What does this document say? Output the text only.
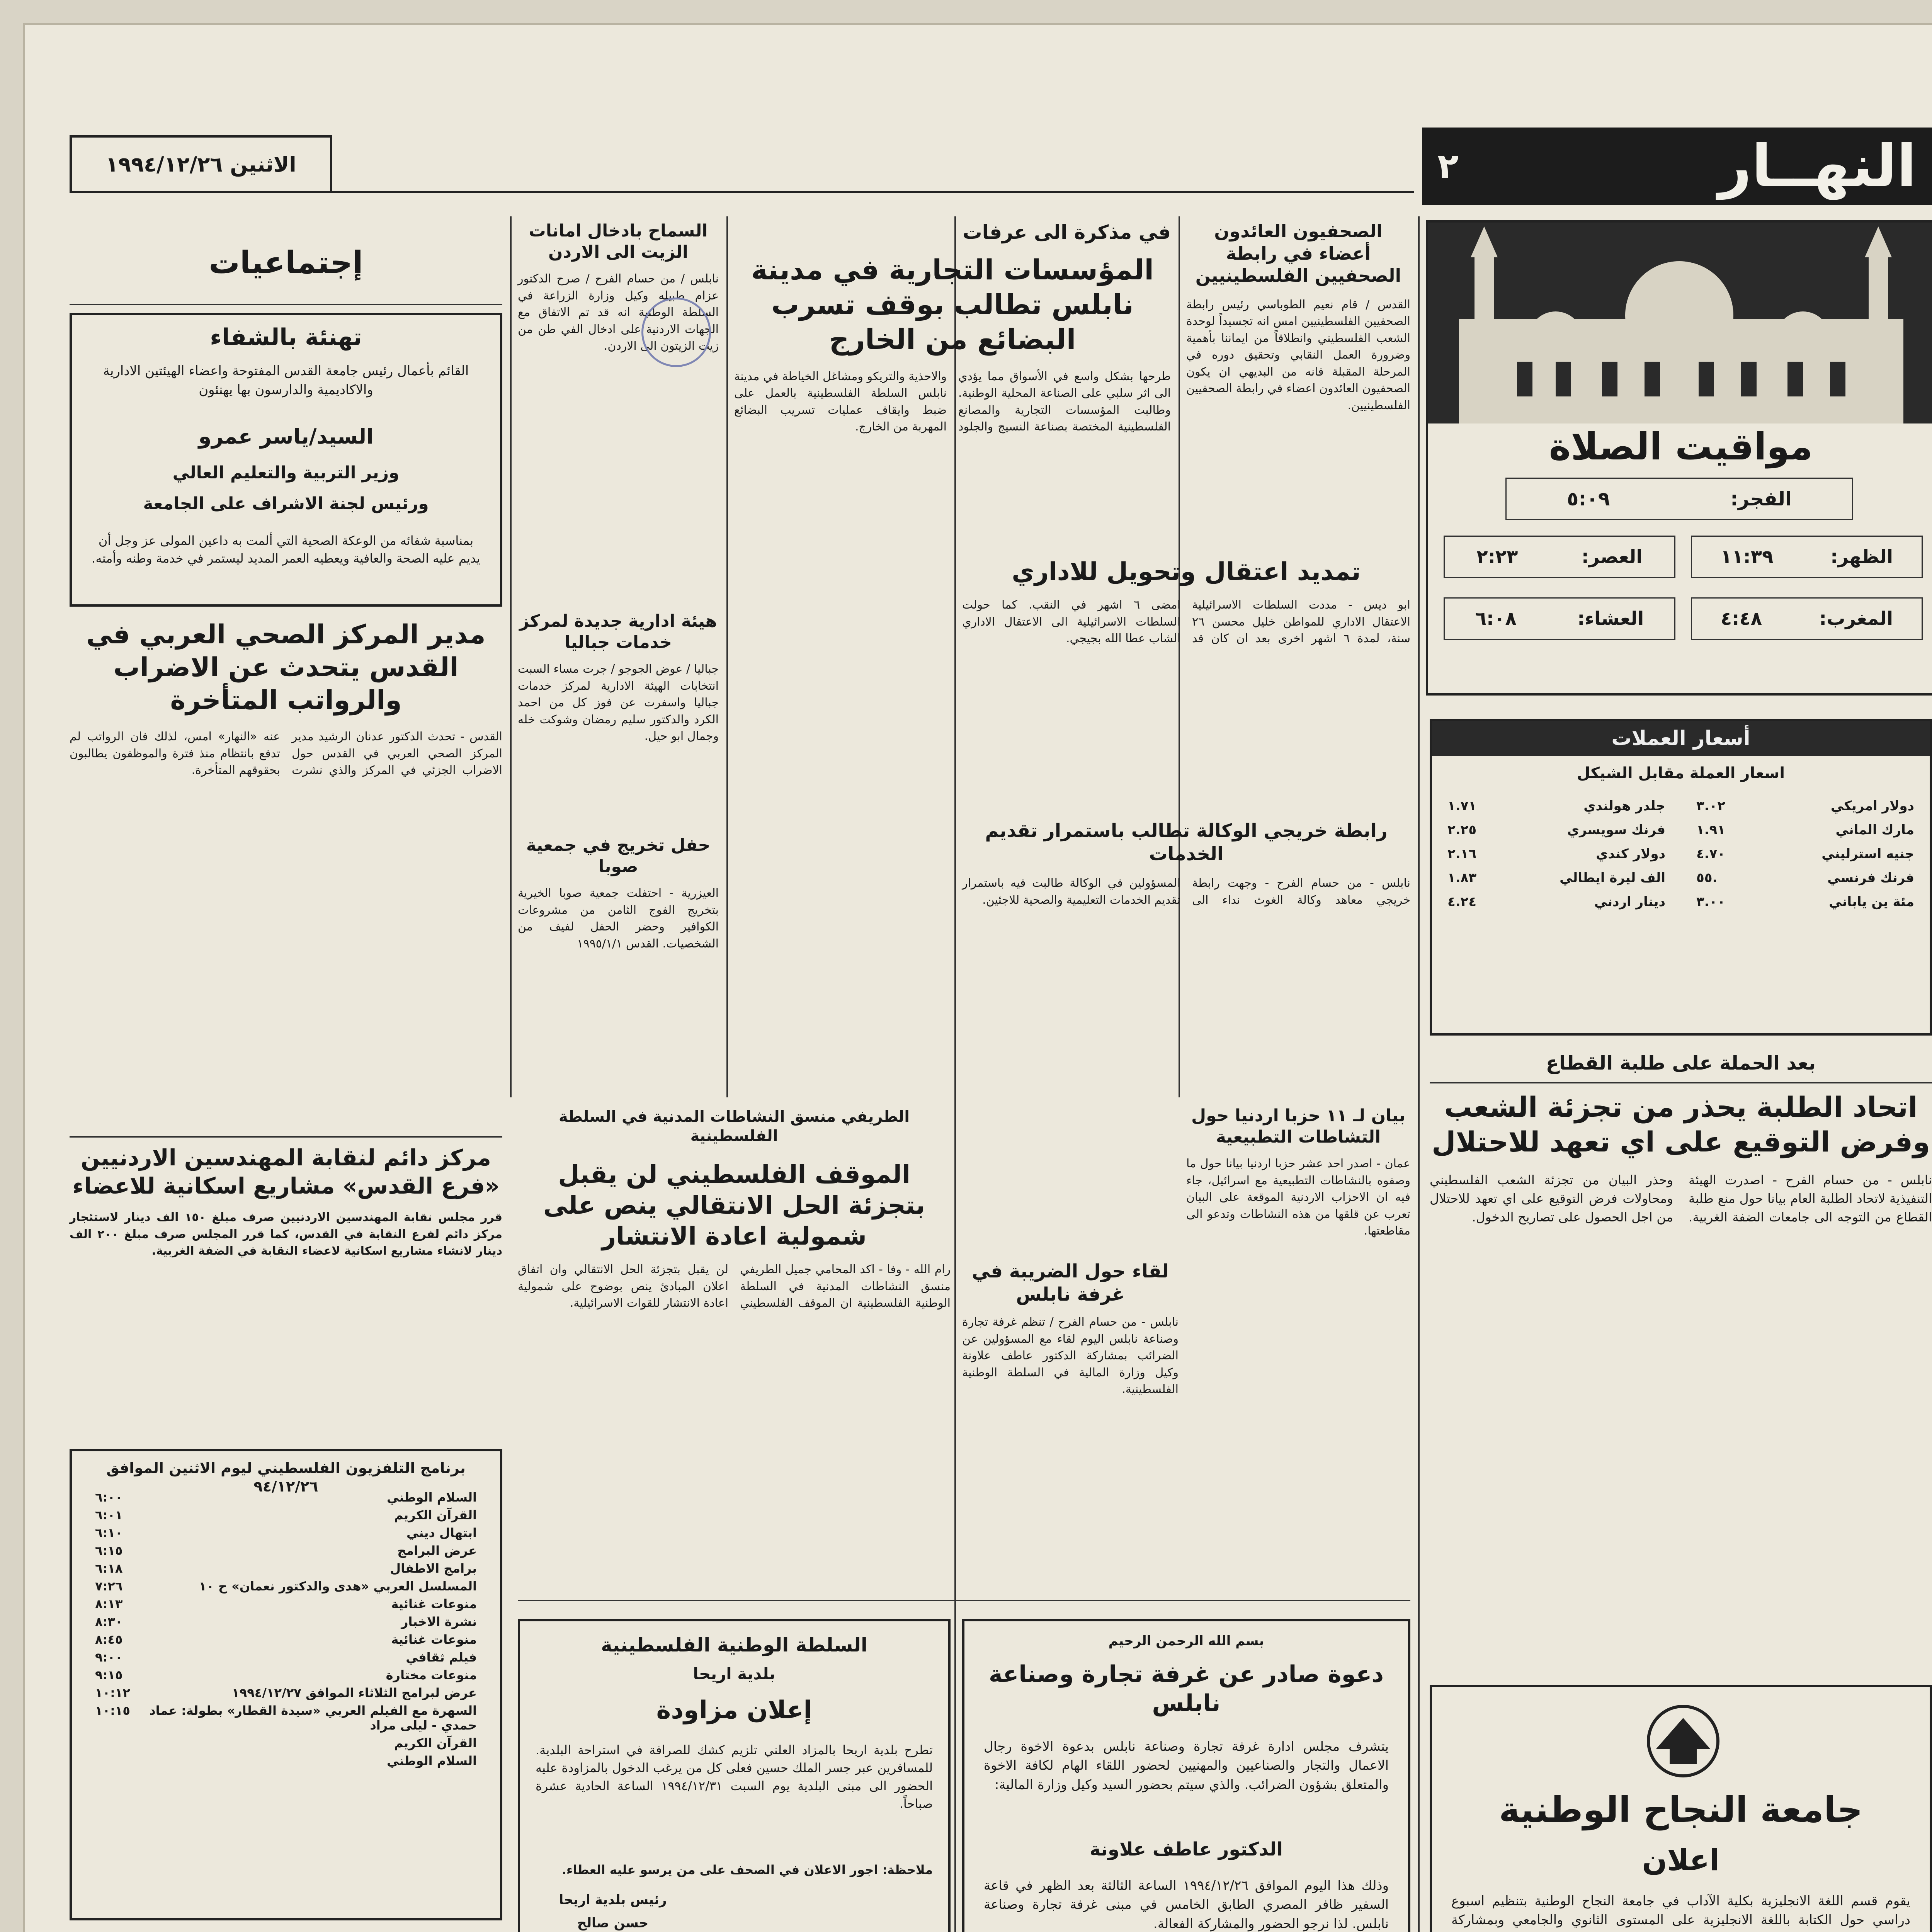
النهــار
٢
الاثنين ١٩٩٤/١٢/٢٦
مواقيت الصلاة
الفجر:
٥:٠٩
الظهر:
١١:٣٩
العصر:
٢:٢٣
المغرب:
٤:٤٨
العشاء:
٦:٠٨
أسعار العملات
اسعار العملة مقابل الشيكل
دولار امريكي
٣.٠٢
جلدر هولندي
١.٧١
مارك الماني
١.٩١
فرنك سويسري
٢.٢٥
جنيه استرليني
٤.٧٠
دولار كندي
٢.١٦
فرنك فرنسي
.٥٥
الف ليرة ايطالي
١.٨٣
مئة ين ياباني
٣.٠٠
دينار اردني
٤.٢٤
بعد الحملة على طلبة القطاع
اتحاد الطلبة يحذر من تجزئة الشعب وفرض التوقيع على اي تعهد للاحتلال

نابلس - من حسام الفرح - اصدرت الهيئة التنفيذية لاتحاد الطلبة العام بيانا حول منع طلبة القطاع من التوجه الى جامعات الضفة الغربية. وحذر البيان من تجزئة الشعب الفلسطيني ومحاولات فرض التوقيع على اي تعهد للاحتلال من اجل الحصول على تصاريح الدخول.

جامعة النجاح الوطنية
اعلان

يقوم قسم اللغة الانجليزية بكلية الآداب في جامعة النجاح الوطنية بتنظيم اسبوع دراسي حول الكتابة باللغة الانجليزية على المستوى الثانوي والجامعي وبمشاركة

الصحفيون العائدون أعضاء في رابطة الصحفيين الفلسطينيين

القدس / قام نعيم الطوباسي رئيس رابطة الصحفيين الفلسطينيين امس انه تجسيداً لوحدة الشعب الفلسطيني وانطلاقاً من ايماننا بأهمية وضرورة العمل النقابي وتحقيق دوره في المرحلة المقبلة فانه من البديهي ان يكون الصحفيون العائدون اعضاء في رابطة الصحفيين الفلسطينيين.

في مذكرة الى عرفات
المؤسسات التجارية في مدينة نابلس تطالب بوقف تسرب البضائع من الخارج

طرحها بشكل واسع في الأسواق مما يؤدي الى اثر سلبي على الصناعة المحلية الوطنية. وطالبت المؤسسات التجارية والمصانع الفلسطينية المختصة بصناعة النسيج والجلود والاحذية والتريكو ومشاغل الخياطة في مدينة نابلس السلطة الفلسطينية بالعمل على ضبط وايقاف عمليات تسريب البضائع المهربة من الخارج.

السماح بادخال امانات الزيت الى الاردن

نابلس / من حسام الفرح / صرح الدكتور عزام طبيله وكيل وزارة الزراعة في السلطة الوطنية انه قد تم الاتفاق مع الجهات الاردنية على ادخال الفي طن من زيت الزيتون الى الاردن.

هيئة ادارية جديدة لمركز خدمات جباليا

جباليا / عوض الجوجو / جرت مساء السبت انتخابات الهيئة الادارية لمركز خدمات جباليا واسفرت عن فوز كل من احمد الكرد والدكتور سليم رمضان وشوكت خله وجمال ابو حيل.

حفل تخريج في جمعية صوبا

العيزرية - احتفلت جمعية صوبا الخيرية بتخريج الفوج الثامن من مشروعات الكوافير وحضر الحفل لفيف من الشخصيات. القدس ١٩٩٥/١/١

تمديد اعتقال وتحويل للاداري

ابو ديس - مددت السلطات الاسرائيلية الاعتقال الاداري للمواطن خليل محسن ٢٦ سنة، لمدة ٦ اشهر اخرى بعد ان كان قد امضى ٦ اشهر في النقب. كما حولت السلطات الاسرائيلية الى الاعتقال الاداري الشاب عطا الله بجيجي.

رابطة خريجي الوكالة تطالب باستمرار تقديم الخدمات

نابلس - من حسام الفرح - وجهت رابطة خريجي معاهد وكالة الغوث نداء الى المسؤولين في الوكالة طالبت فيه باستمرار تقديم الخدمات التعليمية والصحية للاجئين.

بيان لـ ١١ حزبا اردنيا حول التشاطات التطبيعية

عمان - اصدر احد عشر حزبا اردنيا بيانا حول ما وصفوه بالنشاطات التطبيعية مع اسرائيل، جاء فيه ان الاحزاب الاردنية الموقعة على البيان تعرب عن قلقها من هذه النشاطات وتدعو الى مقاطعتها.

لقاء حول الضريبة في غرفة نابلس

نابلس - من حسام الفرح / تنظم غرفة تجارة وصناعة نابلس اليوم لقاء مع المسؤولين عن الضرائب بمشاركة الدكتور عاطف علاونة وكيل وزارة المالية في السلطة الوطنية الفلسطينية.

الطريفي منسق النشاطات المدنية في السلطة الفلسطينية
الموقف الفلسطيني لن يقبل بتجزئة الحل الانتقالي ينص على شمولية اعادة الانتشار

رام الله - وفا - اكد المحامي جميل الطريفي منسق النشاطات المدنية في السلطة الوطنية الفلسطينية ان الموقف الفلسطيني لن يقبل بتجزئة الحل الانتقالي وان اتفاق اعلان المبادئ ينص بوضوح على شمولية اعادة الانتشار للقوات الاسرائيلية.

بسم الله الرحمن الرحيم
دعوة صادر عن غرفة تجارة وصناعة نابلس

يتشرف مجلس ادارة غرفة تجارة وصناعة نابلس بدعوة الاخوة رجال الاعمال والتجار والصناعيين والمهنيين لحضور اللقاء الهام لكافة الاخوة والمتعلق بشؤون الضرائب. والذي سيتم بحضور السيد وكيل وزارة المالية:

الدكتور عاطف علاونة

وذلك هذا اليوم الموافق ١٩٩٤/١٢/٢٦ الساعة الثالثة بعد الظهر في قاعة السفير ظافر المصري الطابق الخامس في مبنى غرفة تجارة وصناعة نابلس. لذا نرجو الحضور والمشاركة الفعالة.

السلطة الوطنية الفلسطينية
بلدية اريحا
إعلان مزاودة

تطرح بلدية اريحا بالمزاد العلني تلزيم كشك للصرافة في استراحة البلدية. للمسافرين عبر جسر الملك حسين فعلى كل من يرغب الدخول بالمزاودة عليه الحضور الى مبنى البلدية يوم السبت ١٩٩٤/١٢/٣١ الساعة الحادية عشرة صباحاً.

ملاحظة: اجور الاعلان في الصحف على من يرسو عليه العطاء.

رئيس بلدية اريحا
حسن صالح

إجتماعيات
تهنئة بالشفاء

القائم بأعمال رئيس جامعة القدس المفتوحة واعضاء الهيئتين الادارية والاكاديمية والدارسون بها يهنئون

السيد/ياسر عمرو
وزير التربية والتعليم العالي
ورئيس لجنة الاشراف على الجامعة

بمناسبة شفائه من الوعكة الصحية التي ألمت به داعين المولى عز وجل أن يديم عليه الصحة والعافية ويعطيه العمر المديد ليستمر في خدمة وطنه وأمته.

مدير المركز الصحي العربي في القدس يتحدث عن الاضراب والرواتب المتأخرة

القدس - تحدث الدكتور عدنان الرشيد مدير المركز الصحي العربي في القدس حول الاضراب الجزئي في المركز والذي نشرت عنه «النهار» امس، لذلك فان الرواتب لم تدفع بانتظام منذ فترة والموظفون يطالبون بحقوقهم المتأخرة.

مركز دائم لنقابة المهندسين الاردنيين «فرع القدس» مشاريع اسكانية للاعضاء

قرر مجلس نقابة المهندسين الاردنيين صرف مبلغ ١٥٠ الف دينار لاستئجار مركز دائم لفرع النقابة في القدس، كما قرر المجلس صرف مبلغ ٢٠٠ الف دينار لانشاء مشاريع اسكانية لاعضاء النقابة في الضفة الغربية.

برنامج التلفزيون الفلسطيني ليوم الاثنين الموافق ٩٤/١٢/٢٦
السلام الوطني
٦:٠٠
القرآن الكريم
٦:٠١
ابتهال ديني
٦:١٠
عرض البرامج
٦:١٥
برامج الاطفال
٦:١٨
المسلسل العربي «هدى والدكتور نعمان» ح ١٠
٧:٢٦
منوعات غنائية
٨:١٣
نشرة الاخبار
٨:٣٠
منوعات غنائية
٨:٤٥
فيلم ثقافي
٩:٠٠
منوعات مختارة
٩:١٥
عرض لبرامج الثلاثاء الموافق ١٩٩٤/١٢/٢٧
١٠:١٢
السهرة مع الفيلم العربي «سيدة القطار» بطولة: عماد حمدي - ليلى مراد
١٠:١٥
القرآن الكريم
السلام الوطني
